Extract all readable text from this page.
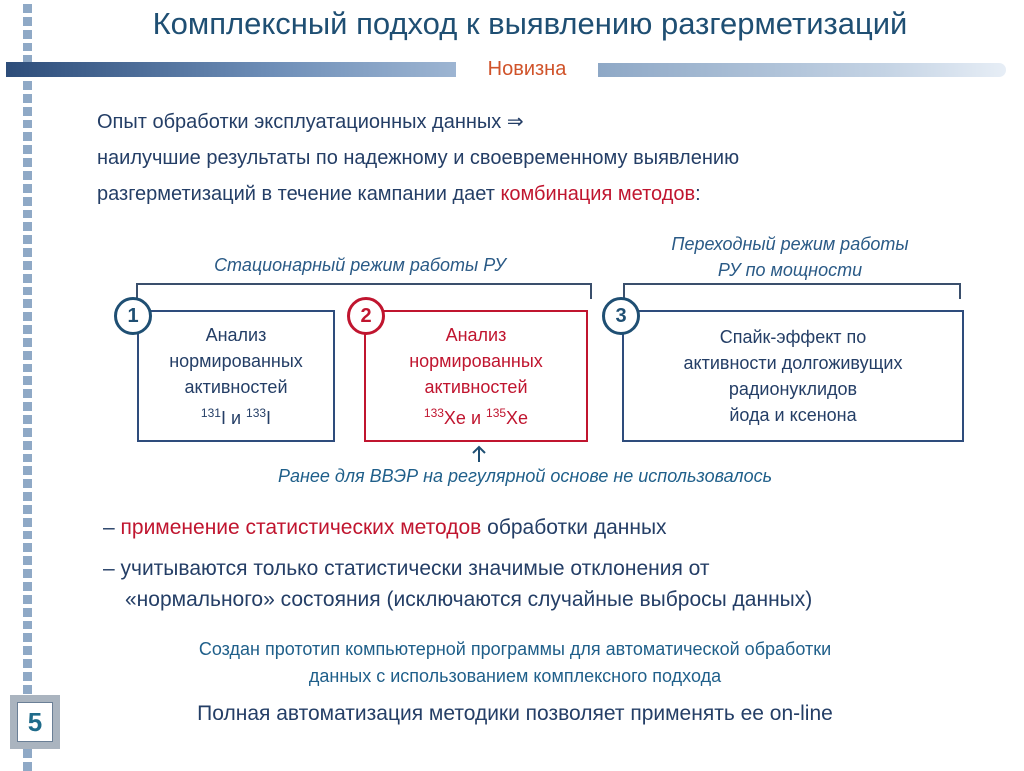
5
Комплексный подход к выявлению разгерметизаций
Новизна
Опыт обработки эксплуатационных данных ⇒
наилучшие результаты по надежному и своевременному выявлению
разгерметизаций в течение кампании дает комбинация методов:
Стационарный режим работы РУ
Переходный режим работы
РУ по мощности
Анализ
нормированных
активностей
$^{131}$I и $^{133}$I
Анализ
нормированных
активностей
$^{133}$Xe и $^{135}$Xe
Спайк-эффект по
активности долгоживущих
радионуклидов
йода и ксенона
1	2	3
Ранее для ВВЭР на регулярной основе не использовалось
– применение статистических методов обработки данных
– учитываются только статистически значимые отклонения от
«нормального» состояния (исключаются случайные выбросы данных)
Создан прототип компьютерной программы для автоматической обработки
данных с использованием комплексного подхода
Полная автоматизация методики позволяет применять ее on-line
